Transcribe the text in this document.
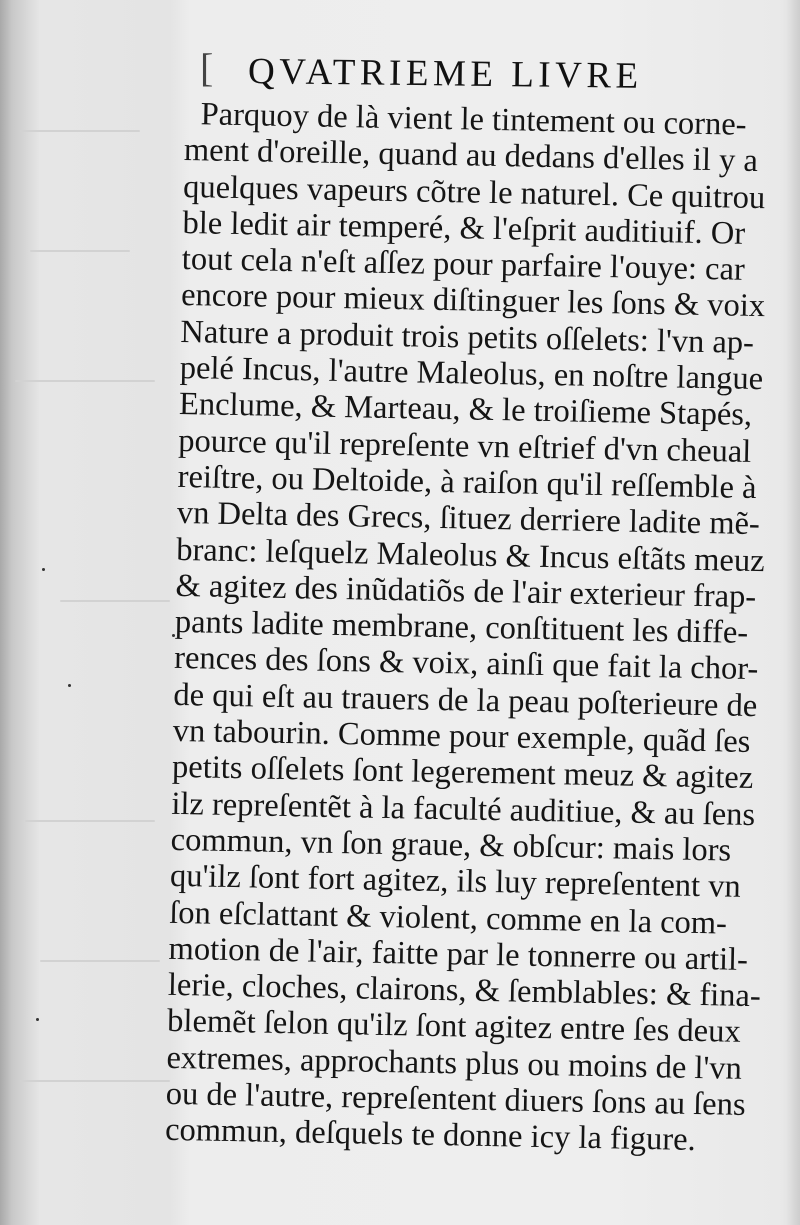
[ QVATRIEME LIVRE
Parquoy de là vient le tintement ou corne-
ment d'oreille, quand au dedans d'elles il y a
quelques vapeurs cõtre le naturel. Ce quitrou
ble ledit air temperé, & l'eſprit auditiuif. Or
tout cela n'eſt aſſez pour parfaire l'ouye: car
encore pour mieux diſtinguer les ſons & voix
Nature a produit trois petits oſſelets: l'vn ap-
pelé Incus, l'autre Maleolus, en noſtre langue
Enclume, & Marteau, & le troiſieme Stapés,
pource qu'il repreſente vn eſtrief d'vn cheual
reiſtre, ou Deltoide, à raiſon qu'il reſſemble à
vn Delta des Grecs, ſituez derriere ladite mẽ-
branc: leſquelz Maleolus & Incus eſtãts meuz
& agitez des inũdatiõs de l'air exterieur frap-
pants ladite membrane, conſtituent les diffe-
rences des ſons & voix, ainſi que fait la chor-
de qui eſt au trauers de la peau poſterieure de
vn tabourin. Comme pour exemple, quãd ſes
petits oſſelets ſont legerement meuz & agitez
ilz repreſentẽt à la faculté auditiue, & au ſens
commun, vn ſon graue, & obſcur: mais lors
qu'ilz ſont fort agitez, ils luy repreſentent vn
ſon eſclattant & violent, comme en la com-
motion de l'air, faitte par le tonnerre ou artil-
lerie, cloches, clairons, & ſemblables: & fina-
blemẽt ſelon qu'ilz ſont agitez entre ſes deux
extremes, approchants plus ou moins de l'vn
ou de l'autre, repreſentent diuers ſons au ſens
commun, deſquels te donne icy la figure.
